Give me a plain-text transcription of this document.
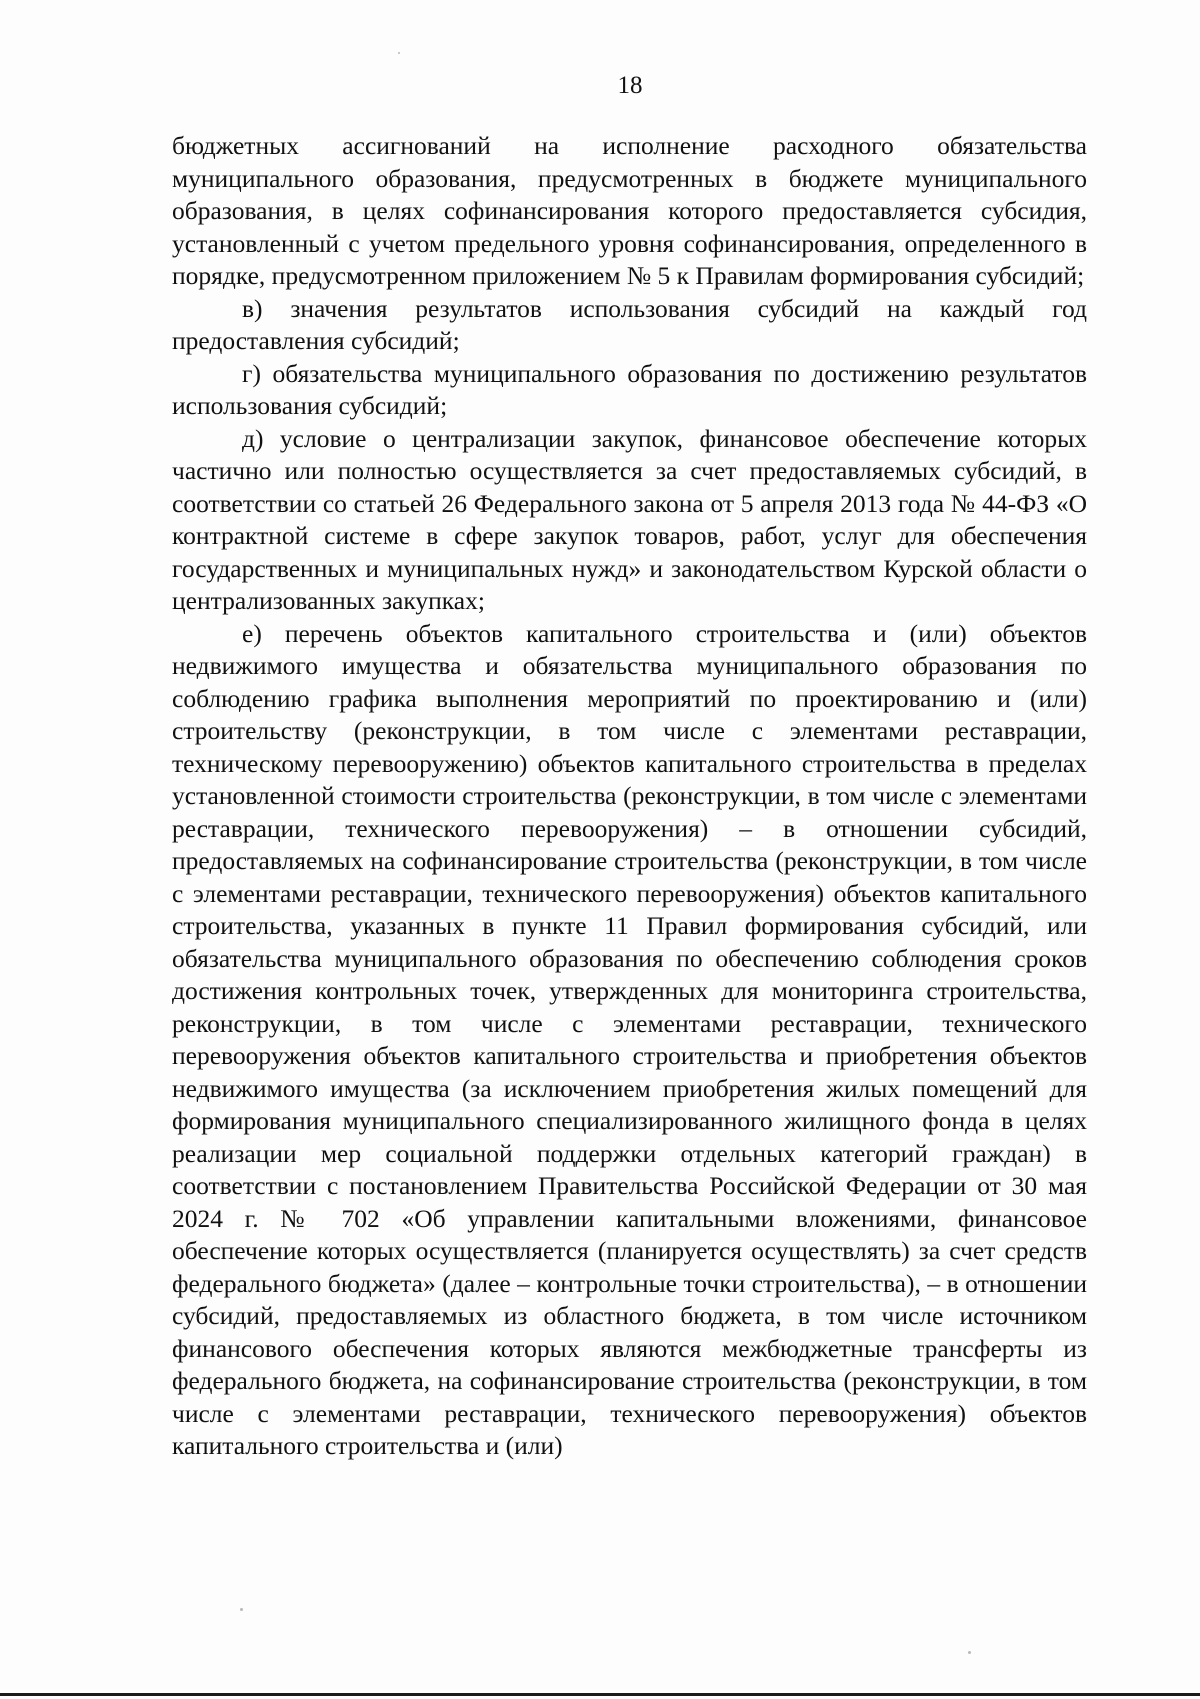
18

бюджетных ассигнований на исполнение расходного обязательства муниципального образования, предусмотренных в бюджете муниципального образования, в целях софинансирования которого предоставляется субсидия, установленный с учетом предельного уровня софинансирования, определенного в порядке, предусмотренном приложением № 5 к Правилам формирования субсидий;

в) значения результатов использования субсидий на каждый год предоставления субсидий;

г) обязательства муниципального образования по достижению результатов использования субсидий;

д) условие о централизации закупок, финансовое обеспечение которых частично или полностью осуществляется за счет предоставляемых субсидий, в соответствии со статьей 26 Федерального закона от 5 апреля 2013 года № 44-ФЗ «О контрактной системе в сфере закупок товаров, работ, услуг для обеспечения государственных и муниципальных нужд» и законодательством Курской области о централизованных закупках;

е) перечень объектов капитального строительства и (или) объектов недвижимого имущества и обязательства муниципального образования по соблюдению графика выполнения мероприятий по проектированию и (или) строительству (реконструкции, в том числе с элементами реставрации, техническому перевооружению) объектов капитального строительства в пределах установленной стоимости строительства (реконструкции, в том числе с элементами реставрации, технического перевооружения) – в отношении субсидий, предоставляемых на софинансирование строительства (реконструкции, в том числе с элементами реставрации, технического перевооружения) объектов капитального строительства, указанных в пункте 11 Правил формирования субсидий, или обязательства муниципального образования по обеспечению соблюдения сроков достижения контрольных точек, утвержденных для мониторинга строительства, реконструкции, в том числе с элементами реставрации, технического перевооружения объектов капитального строительства и приобретения объектов недвижимого имущества (за исключением приобретения жилых помещений для формирования муниципального специализированного жилищного фонда в целях реализации мер социальной поддержки отдельных категорий граждан) в соответствии с постановлением Правительства Российской Федерации от 30 мая 2024 г. № 702 «Об управлении капитальными вложениями, финансовое обеспечение которых осуществляется (планируется осуществлять) за счет средств федерального бюджета» (далее – контрольные точки строительства), – в отношении субсидий, предоставляемых из областного бюджета, в том числе источником финансового обеспечения которых являются межбюджетные трансферты из федерального бюджета, на софинансирование строительства (реконструкции, в том числе с элементами реставрации, технического перевооружения) объектов капитального строительства и (или)
